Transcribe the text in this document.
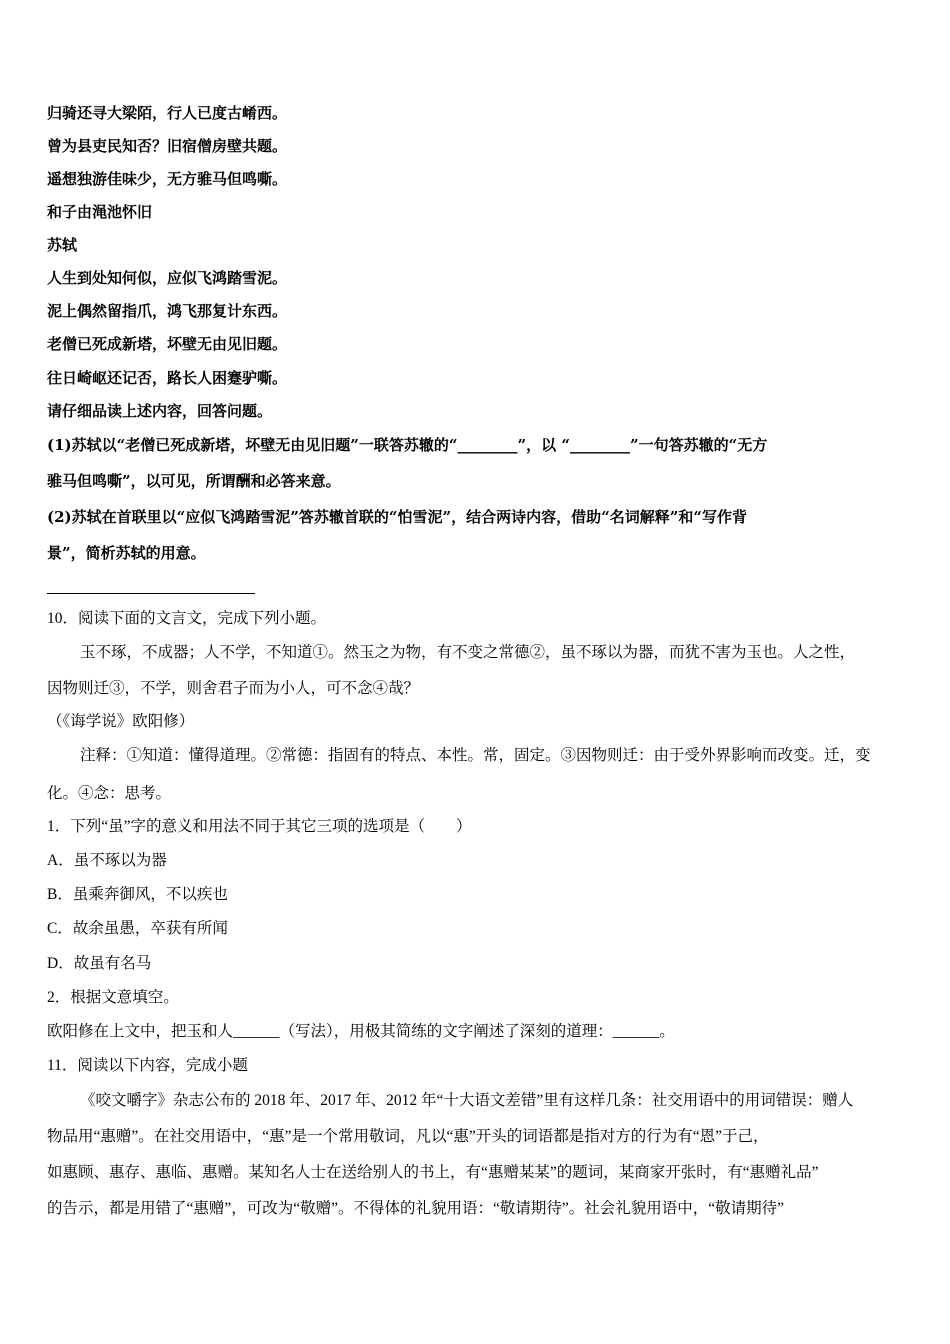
归骑还寻大梁陌，行人已度古崤西。
曾为县吏民知否？旧宿僧房壁共题。
遥想独游佳味少，无方骓马但鸣嘶。
和子由渑池怀旧
苏轼
人生到处知何似，应似飞鸿踏雪泥。
泥上偶然留指爪，鸿飞那复计东西。
老僧已死成新塔，坏壁无由见旧题。
往日崎岖还记否，路长人困蹇驴嘶。
请仔细品读上述内容，回答问题。
(1)苏轼以“老僧已死成新塔，坏壁无由见旧题”一联答苏辙的“________”，以 “________”一句答苏辙的“无方
骓马但鸣嘶”，以可见，所谓酬和必答来意。
(2)苏轼在首联里以“应似飞鸿踏雪泥”答苏辙首联的“怕雪泥”，结合两诗内容，借助“名词解释”和“写作背
景”，简析苏轼的用意。
10．阅读下面的文言文，完成下列小题。
玉不琢，不成器；人不学，不知道①。然玉之为物，有不变之常德②，虽不琢以为器，而犹不害为玉也。人之性，
因物则迁③，不学，则舍君子而为小人，可不念④哉？
（《诲学说》欧阳修）
注释：①知道：懂得道理。②常德：指固有的特点、本性。常，固定。③因物则迁：由于受外界影响而改变。迁，变
化。④念：思考。
1．下列“虽”字的意义和用法不同于其它三项的选项是（　　）
A．虽不琢以为器
B．虽乘奔御风，不以疾也
C．故余虽愚，卒获有所闻
D．故虽有名马
2．根据文意填空。
欧阳修在上文中，把玉和人______（写法），用极其简练的文字阐述了深刻的道理：______。
11．阅读以下内容，完成小题
《咬文嚼字》杂志公布的 2018 年、2017 年、2012 年“十大语文差错”里有这样几条：社交用语中的用词错误：赠人
物品用“惠赠”。在社交用语中，“惠”是一个常用敬词，凡以“惠”开头的词语都是指对方的行为有“恩”于己，
如惠顾、惠存、惠临、惠赠。某知名人士在送给别人的书上，有“惠赠某某”的题词，某商家开张时，有“惠赠礼品”
的告示，都是用错了“惠赠”，可改为“敬赠”。不得体的礼貌用语：“敬请期待”。社会礼貌用语中，“敬请期待”
